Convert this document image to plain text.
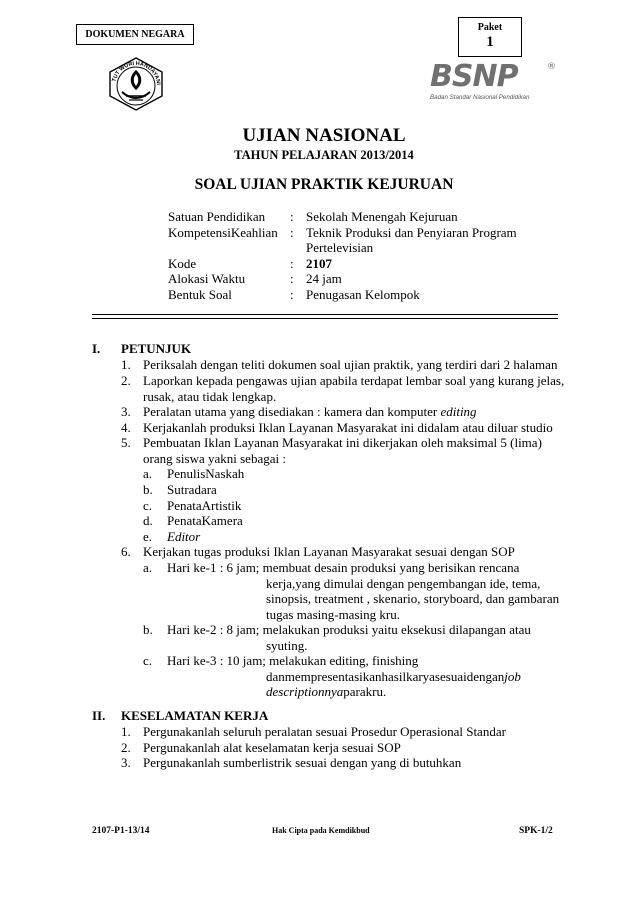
DOKUMEN NEGARA
Paket
1
TUT WURI HANDAYANI	BSNP	®
Badan Standar Nasional Pendidikan
UJIAN NASIONAL
TAHUN PELAJARAN 2013/2014
SOAL UJIAN PRAKTIK KEJURUAN
Satuan Pendidikan : Sekolah Menengah Kejuruan
KompetensiKeahlian : Teknik Produksi dan Penyiaran Program
Pertelevisian
Kode	: 2107
Alokasi Waktu	: 24 jam
Bentuk Soal	: Penugasan Kelompok
I. PETUNJUK
1. Periksalah dengan teliti dokumen soal ujian praktik, yang terdiri dari 2 halaman
2. Laporkan kepada pengawas ujian apabila terdapat lembar soal yang kurang jelas,
rusak, atau tidak lengkap.
3. Peralatan utama yang disediakan : kamera dan komputer editing
4. Kerjakanlah produksi Iklan Layanan Masyarakat ini didalam atau diluar studio
5. Pembuatan Iklan Layanan Masyarakat ini dikerjakan oleh maksimal 5 (lima)
orang siswa yakni sebagai :
a. PenulisNaskah
b. Sutradara
c. PenataArtistik
d. PenataKamera
e. Editor
6. Kerjakan tugas produksi Iklan Layanan Masyarakat sesuai dengan SOP
a. Hari ke-1 : 6 jam; membuat desain produksi yang berisikan rencana
kerja,yang dimulai dengan pengembangan ide, tema,
sinopsis, treatment , skenario, storyboard, dan gambaran
tugas masing-masing kru.
b. Hari ke-2 : 8 jam; melakukan produksi yaitu eksekusi dilapangan atau
syuting.
c. Hari ke-3 : 10 jam; melakukan editing, finishing
danmempresentasikanhasilkaryasesuaidenganjob
descriptionnyaparakru.
II. KESELAMATAN KERJA
1. Pergunakanlah seluruh peralatan sesuai Prosedur Operasional Standar
2. Pergunakanlah alat keselamatan kerja sesuai SOP
3. Pergunakanlah sumberlistrik sesuai dengan yang di butuhkan
2107-P1-13/14	Hak Cipta pada Kemdikbud	SPK-1/2
